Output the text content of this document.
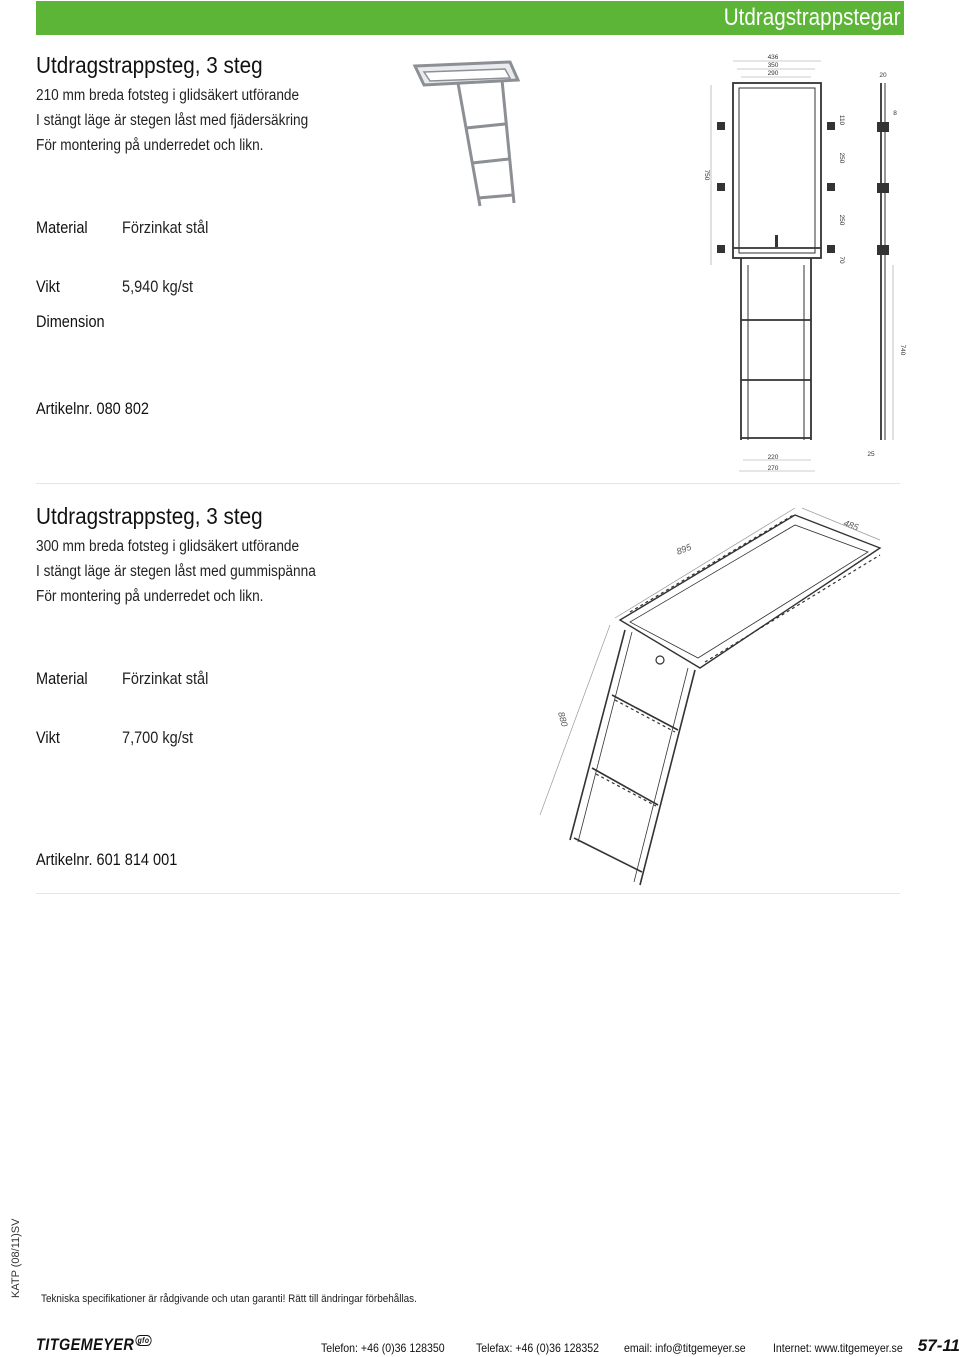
Utdragstrappstegar
Utdragstrappsteg, 3 steg
210 mm breda fotsteg i glidsäkert utförande
I stängt läge är stegen låst med fjädersäkring
För montering på underredet och likn.
Material Förzinkat stål
Vikt	5,940 kg/st
Dimension
Artikelnr. 080 802
436
350
290	20
8
110
250
250
70
750
740
220
270
25
Utdragstrappsteg, 3 steg
300 mm breda fotsteg i glidsäkert utförande
I stängt läge är stegen låst med gummispänna
För montering på underredet och likn.
Material Förzinkat stål
Vikt	7,700 kg/st
Artikelnr. 601 814 001
895
485
880
KATP (08/11)SV
Tekniska specifikationer är rådgivande och utan garanti! Rätt till ändringar förbehållas.
TITGEMEYER gfo
Telefon: +46 (0)36 128350	Telefax: +46 (0)36 128352 email: info@titgemeyer.se Internet: www.titgemeyer.se 57-11
